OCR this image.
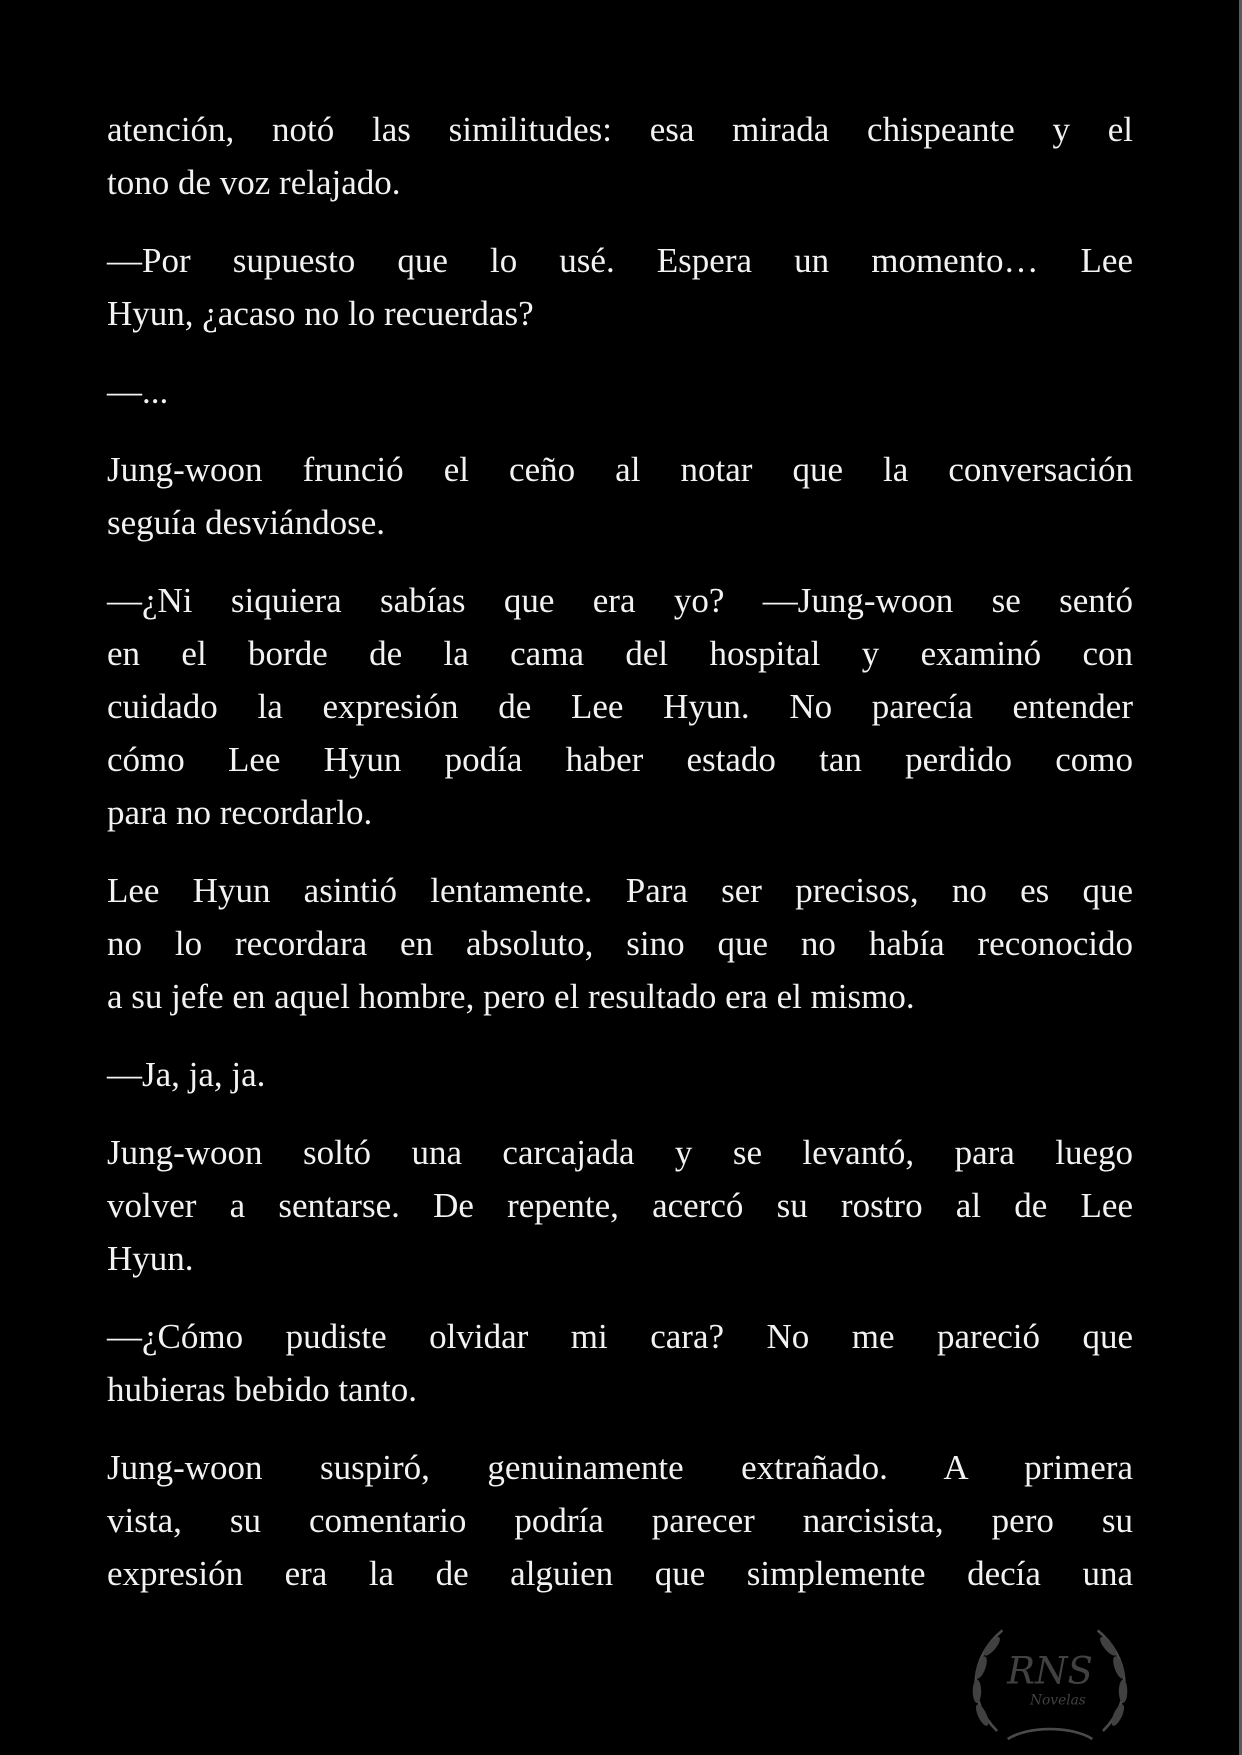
RNS
Novelas
atención, notó las similitudes: esa mirada chispeante y el
tono de voz relajado.
—Por supuesto que lo usé. Espera un momento… Lee
Hyun, ¿acaso no lo recuerdas?
—...
Jung-woon frunció el ceño al notar que la conversación
seguía desviándose.
—¿Ni siquiera sabías que era yo? —Jung-woon se sentó
en el borde de la cama del hospital y examinó con
cuidado la expresión de Lee Hyun. No parecía entender
cómo Lee Hyun podía haber estado tan perdido como
para no recordarlo.
Lee Hyun asintió lentamente. Para ser precisos, no es que
no lo recordara en absoluto, sino que no había reconocido
a su jefe en aquel hombre, pero el resultado era el mismo.
—Ja, ja, ja.
Jung-woon soltó una carcajada y se levantó, para luego
volver a sentarse. De repente, acercó su rostro al de Lee
Hyun.
—¿Cómo pudiste olvidar mi cara? No me pareció que
hubieras bebido tanto.
Jung-woon suspiró, genuinamente extrañado. A primera
vista, su comentario podría parecer narcisista, pero su
expresión era la de alguien que simplemente decía una
